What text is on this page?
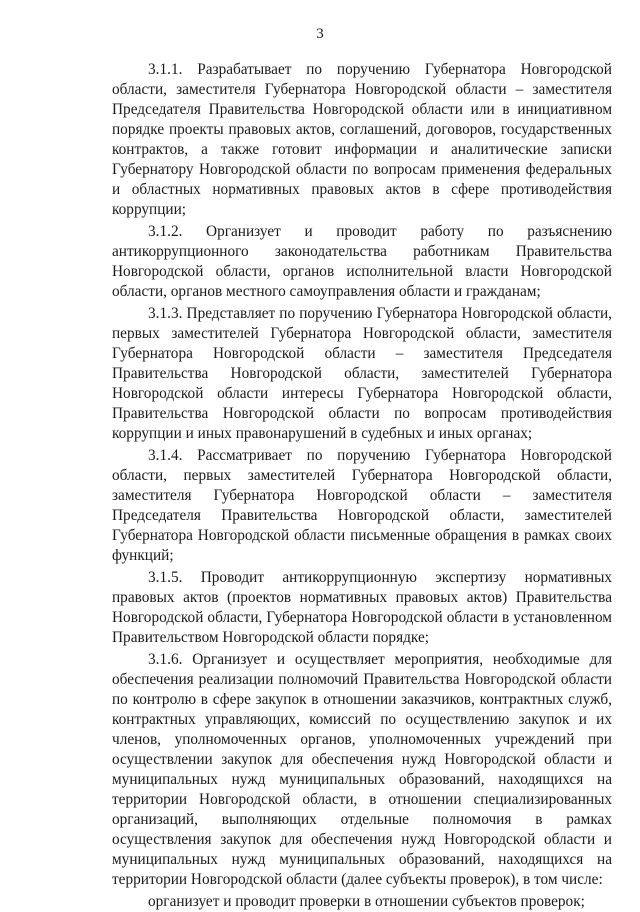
3

3.1.1. Разрабатывает по поручению Губернатора Новгородской области, заместителя Губернатора Новгородской области – заместителя Председателя Правительства Новгородской области или в инициативном порядке проекты правовых актов, соглашений, договоров, государственных контрактов, а также готовит информации и аналитические записки Губернатору Новгородской области по вопросам применения федеральных и областных нормативных правовых актов в сфере противодействия коррупции;

3.1.2. Организует и проводит работу по разъяснению антикоррупционного законодательства работникам Правительства Новгородской области, органов исполнительной власти Новгородской области, органов местного самоуправления области и гражданам;

3.1.3. Представляет по поручению Губернатора Новгородской области, первых заместителей Губернатора Новгородской области, заместителя Губернатора Новгородской области – заместителя Председателя Правительства Новгородской области, заместителей Губернатора Новгородской области интересы Губернатора Новгородской области, Правительства Новгородской области по вопросам противодействия коррупции и иных правонарушений в судебных и иных органах;

3.1.4. Рассматривает по поручению Губернатора Новгородской области, первых заместителей Губернатора Новгородской области, заместителя Губернатора Новгородской области – заместителя Председателя Правительства Новгородской области, заместителей Губернатора Новгородской области письменные обращения в рамках своих функций;

3.1.5. Проводит антикоррупционную экспертизу нормативных правовых актов (проектов нормативных правовых актов) Правительства Новгородской области, Губернатора Новгородской области в установленном Правительством Новгородской области порядке;

3.1.6. Организует и осуществляет мероприятия, необходимые для обеспечения реализации полномочий Правительства Новгородской области по контролю в сфере закупок в отношении заказчиков, контрактных служб, контрактных управляющих, комиссий по осуществлению закупок и их членов, уполномоченных органов, уполномоченных учреждений при осуществлении закупок для обеспечения нужд Новгородской области и муниципальных нужд муниципальных образований, находящихся на территории Новгородской области, в отношении специализированных организаций, выполняющих отдельные полномочия в рамках осуществления закупок для обеспечения нужд Новгородской области и муниципальных нужд муниципальных образований, находящихся на территории Новгородской области (далее субъекты проверок), в том числе:

организует и проводит проверки в отношении субъектов проверок;
